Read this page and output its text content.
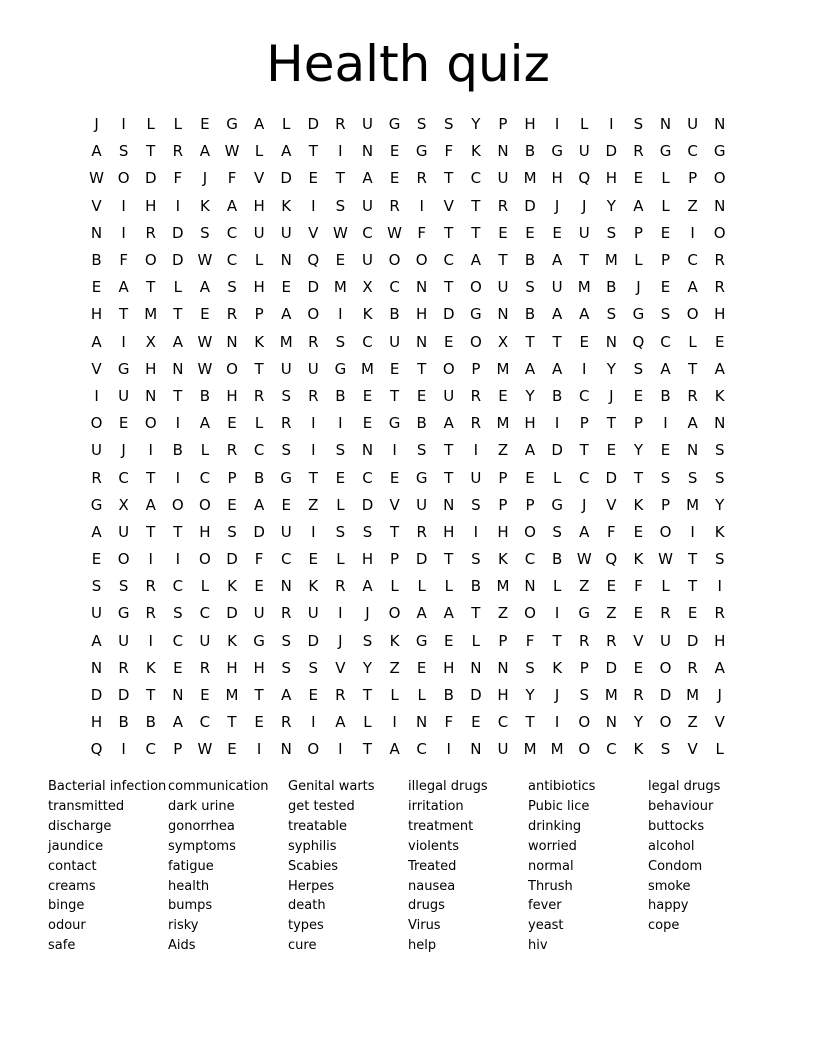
Health quiz
J	I	L	L	E	G	A	L	D	R	U	G	S	S	Y	P	H	I	L	I	S	N	U	N
A	S	T	R	A W	L	A	T	I	N	E	G	F	K	N	B	G	U	D	R	G	C	G
W O	D	F	J	F	V	D	E	T	A	E	R	T	C	U	M H	Q	H	E	L	P	O
V	I	H	I	K	A	H	K	I	S	U	R	I	V	T	R	D	J	J	Y	A	L	Z	N
N	I	R	D	S	C	U	U	V W C W	F	T	T	E	E	E	U	S	P	E	I	O
B	F	O	D W C	L	N	Q	E	U	O	O	C	A	T	B	A	T	M	L	P	C	R
E	A	T	L	A	S	H	E	D M	X	C	N	T	O	U	S	U	M	B	J	E	A	R
H	T	M	T	E	R	P	A	O	I	K	B	H	D	G	N	B	A	A	S	G	S	O	H
A	I	X	A W N	K	M	R	S	C	U	N	E	O	X	T	T	E	N	Q	C	L	E
V	G	H	N W O	T	U	U	G M	E	T	O	P	M	A	A	I	Y	S	A	T	A
I	U	N	T	B	H	R	S	R	B	E	T	E	U	R	E	Y	B	C	J	E	B	R	K
O	E	O	I	A	E	L	R	I	I	E	G	B	A	R	M H	I	P	T	P	I	A	N
U	J	I	B	L	R	C	S	I	S	N	I	S	T	I	Z	A	D	T	E	Y	E	N	S
R	C	T	I	C	P	B	G	T	E	C	E	G	T	U	P	E	L	C	D	T	S	S	S
G	X	A	O	O	E	A	E	Z	L	D	V	U	N	S	P	P	G	J	V	K	P	M	Y
A	U	T	T	H	S	D	U	I	S	S	T	R	H	I	H	O	S	A	F	E	O	I	K
E	O	I	I	O	D	F	C	E	L	H	P	D	T	S	K	C	B W Q	K W	T	S
S	S	R	C	L	K	E	N	K	R	A	L	L	L	B	M	N	L	Z	E	F	L	T	I
U	G	R	S	C	D	U	R	U	I	J	O	A	A	T	Z	O	I	G	Z	E	R	E	R
A	U	I	C	U	K	G	S	D	J	S	K	G	E	L	P	F	T	R	R	V	U	D	H
N	R	K	E	R	H	H	S	S	V	Y	Z	E	H	N	N	S	K	P	D	E	O	R	A
D	D	T	N	E	M	T	A	E	R	T	L	L	B	D	H	Y	J	S	M	R	D M	J
H	B	B	A	C	T	E	R	I	A	L	I	N	F	E	C	T	I	O	N	Y	O	Z	V
Q	I	C	P	W E	I	N	O	I	T	A	C	I	N	U	M M O	C	K	S	V	L
Bacterial infection
transmitted
discharge
jaundice
contact
creams
binge
odour
safe
communication
dark urine
gonorrhea
symptoms
fatigue
health
bumps
risky
Aids
Genital warts
get tested
treatable
syphilis
Scabies
Herpes
death
types
cure
illegal drugs
irritation
treatment
violents
Treated
nausea
drugs
Virus
help
antibiotics
Pubic lice
drinking
worried
normal
Thrush
fever
yeast
hiv
legal drugs
behaviour
buttocks
alcohol
Condom
smoke
happy
cope
